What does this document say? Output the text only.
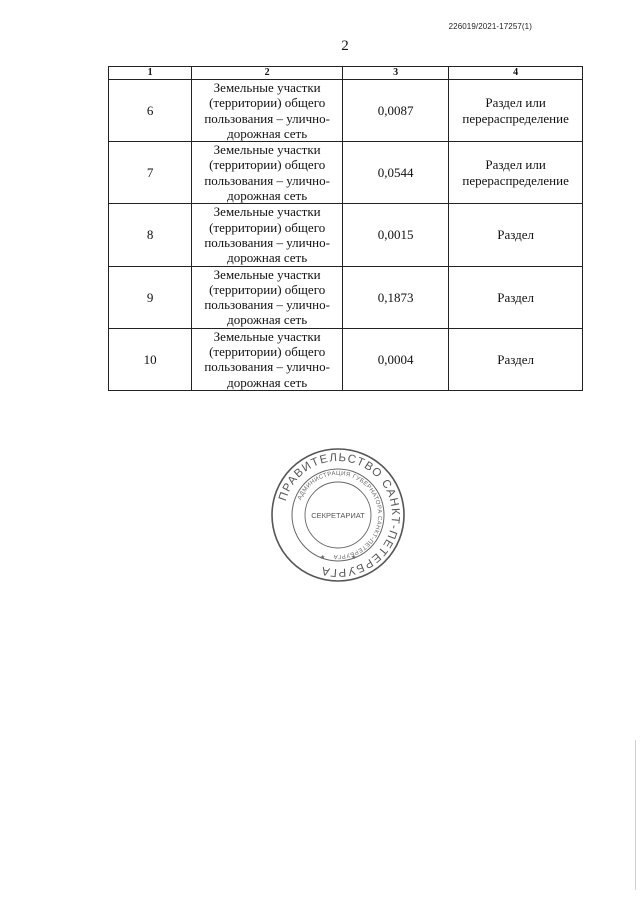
226019/2021-17257(1)
2
1	2	3	4
6	Земельные участки (территории) общего пользования – улично-дорожная сеть	0,0087	Раздел или перераспределение
7	Земельные участки (территории) общего пользования – улично-дорожная сеть	0,0544	Раздел или перераспределение
8	Земельные участки (территории) общего пользования – улично-дорожная сеть	0,0015	Раздел
9	Земельные участки (территории) общего пользования – улично-дорожная сеть	0,1873	Раздел
10	Земельные участки (территории) общего пользования – улично-дорожная сеть	0,0004	Раздел
ПРАВИТЕЛЬСТВО САНКТ-ПЕТЕРБУРГА
АДМИНИСТРАЦИЯ ГУБЕРНАТОРА САНКТ-ПЕТЕРБУРГА
СЕКРЕТАРИАТ
★	★
